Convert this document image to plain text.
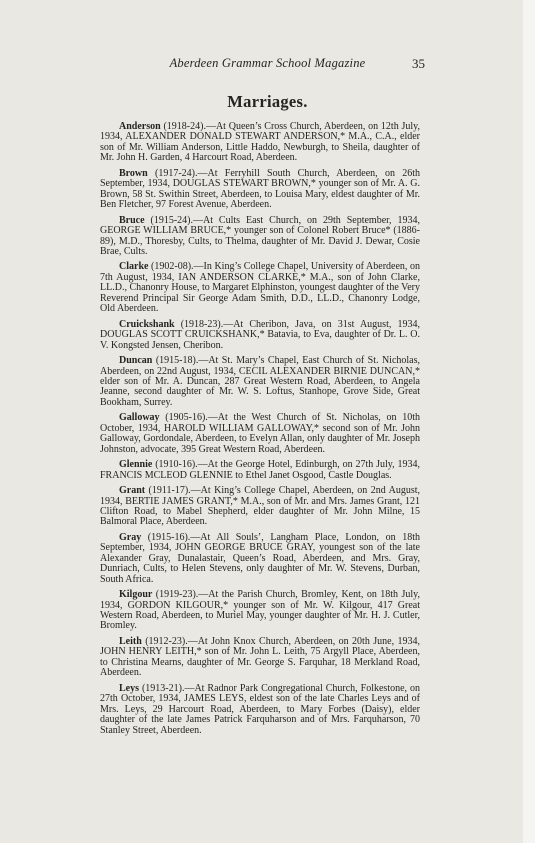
Aberdeen Grammar School Magazine	35
Marriages.

Anderson (1918-24).—At Queen’s Cross Church, Aberdeen, on 12th July, 1934, ALEXANDER DONALD STEWART ANDERSON,* M.A., C.A., elder son of Mr. William Anderson, Little Haddo, Newburgh, to Sheila, daughter of Mr. John H. Garden, 4 Harcourt Road, Aberdeen.

Brown (1917-24).—At Ferryhill South Church, Aberdeen, on 26th September, 1934, DOUGLAS STEWART BROWN,* younger son of Mr. A. G. Brown, 58 St. Swithin Street, Aberdeen, to Louisa Mary, eldest daughter of Mr. Ben Fletcher, 97 Forest Avenue, Aberdeen.

Bruce (1915-24).—At Cults East Church, on 29th September, 1934, GEORGE WILLIAM BRUCE,* younger son of Colonel Robert Bruce* (1886-89), M.D., Thoresby, Cults, to Thelma, daughter of Mr. David J. Dewar, Cosie Brae, Cults.

Clarke (1902-08).—In King’s College Chapel, University of Aberdeen, on 7th August, 1934, IAN ANDERSON CLARKE,* M.A., son of John Clarke, LL.D., Chanonry House, to Margaret Elphinston, youngest daughter of the Very Reverend Principal Sir George Adam Smith, D.D., LL.D., Chanonry Lodge, Old Aberdeen.

Cruickshank (1918-23).—At Cheribon, Java, on 31st August, 1934, DOUGLAS SCOTT CRUICKSHANK,* Batavia, to Eva, daughter of Dr. L. O. V. Kongsted Jensen, Cheribon.

Duncan (1915-18).—At St. Mary’s Chapel, East Church of St. Nicholas, Aberdeen, on 22nd August, 1934, CECIL ALEXANDER BIRNIE DUNCAN,* elder son of Mr. A. Duncan, 287 Great Western Road, Aberdeen, to Angela Jeanne, second daughter of Mr. W. S. Loftus, Stanhope, Grove Side, Great Bookham, Surrey.

Galloway (1905-16).—At the West Church of St. Nicholas, on 10th October, 1934, HAROLD WILLIAM GALLOWAY,* second son of Mr. John Galloway, Gordondale, Aberdeen, to Evelyn Allan, only daughter of Mr. Joseph Johnston, advocate, 395 Great Western Road, Aberdeen.

Glennie (1910-16).—At the George Hotel, Edinburgh, on 27th July, 1934, FRANCIS MCLEOD GLENNIE to Ethel Janet Osgood, Castle Douglas.

Grant (1911-17).—At King’s College Chapel, Aberdeen, on 2nd August, 1934, BERTIE JAMES GRANT,* M.A., son of Mr. and Mrs. James Grant, 121 Clifton Road, to Mabel Shepherd, elder daughter of Mr. John Milne, 15 Balmoral Place, Aberdeen.

Gray (1915-16).—At All Souls’, Langham Place, London, on 18th September, 1934, JOHN GEORGE BRUCE GRAY, youngest son of the late Alexander Gray, Dunalastair, Queen’s Road, Aberdeen, and Mrs. Gray, Dunriach, Cults, to Helen Stevens, only daughter of Mr. W. Stevens, Durban, South Africa.

Kilgour (1919-23).—At the Parish Church, Bromley, Kent, on 18th July, 1934, GORDON KILGOUR,* younger son of Mr. W. Kilgour, 417 Great Western Road, Aberdeen, to Muriel May, younger daughter of Mr. H. J. Cutler, Bromley.

Leith (1912-23).—At John Knox Church, Aberdeen, on 20th June, 1934, JOHN HENRY LEITH,* son of Mr. John L. Leith, 75 Argyll Place, Aberdeen, to Christina Mearns, daughter of Mr. George S. Farquhar, 18 Merkland Road, Aberdeen.

Leys (1913-21).—At Radnor Park Congregational Church, Folkestone, on 27th October, 1934, JAMES LEYS, eldest son of the late Charles Leys and of Mrs. Leys, 29 Harcourt Road, Aberdeen, to Mary Forbes (Daisy), elder daughter of the late James Patrick Farquharson and of Mrs. Farquharson, 70 Stanley Street, Aberdeen.
